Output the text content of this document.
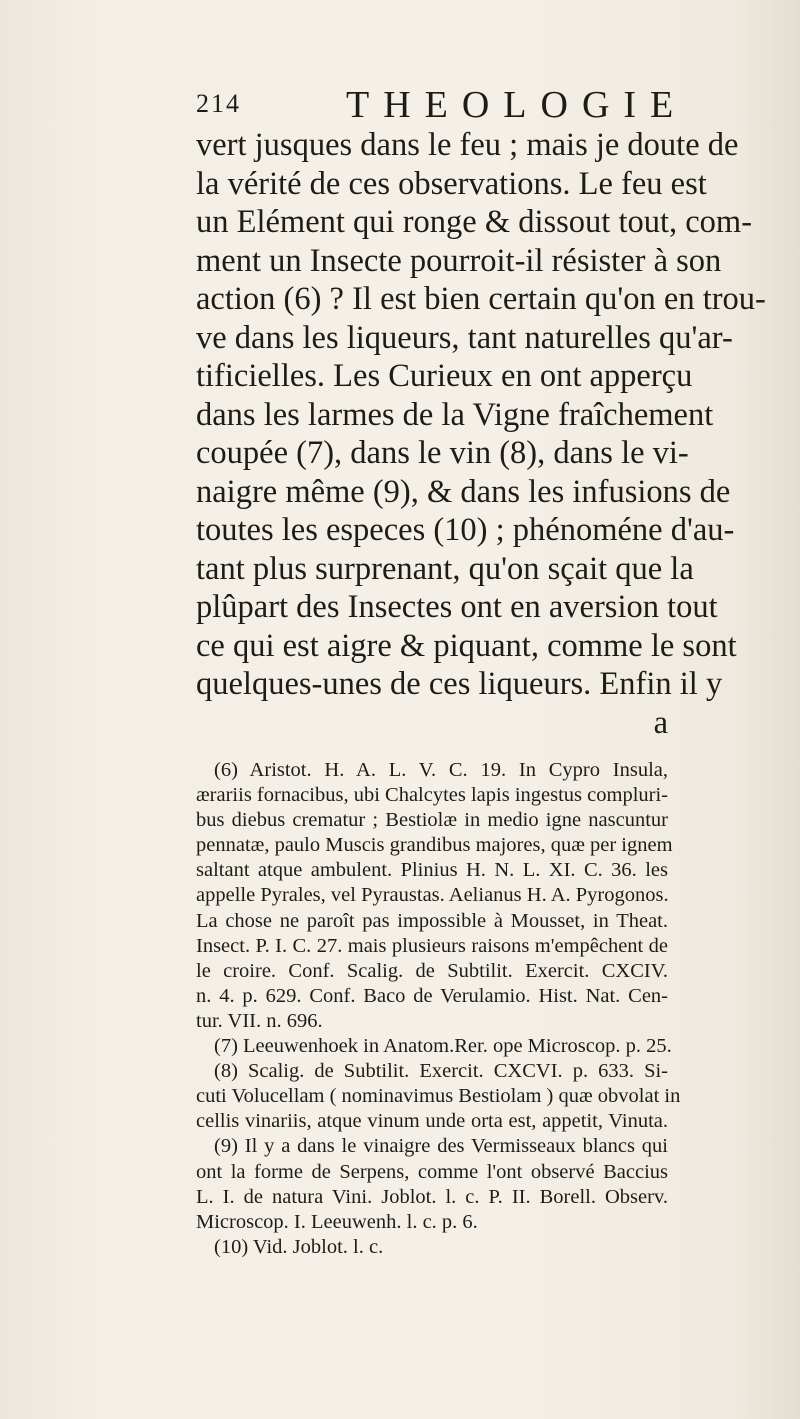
214	THEOLOGIE
vert jusques dans le feu ; mais je doute de
la vérité de ces observations. Le feu est
un Elément qui ronge & dissout tout, com-
ment un Insecte pourroit-il résister à son
action (6) ? Il est bien certain qu'on en trou-
ve dans les liqueurs, tant naturelles qu'ar-
tificielles. Les Curieux en ont apperçu
dans les larmes de la Vigne fraîchement
coupée (7), dans le vin (8), dans le vi-
naigre même (9), & dans les infusions de
toutes les especes (10) ; phénoméne d'au-
tant plus surprenant, qu'on sçait que la
plûpart des Insectes ont en aversion tout
ce qui est aigre & piquant, comme le sont
quelques-unes de ces liqueurs. Enfin il y
a
(6) Aristot. H. A. L. V. C. 19. In Cypro Insula,
ærariis fornacibus, ubi Chalcytes lapis ingestus compluri-
bus diebus crematur ; Bestiolæ in medio igne nascuntur
pennatæ, paulo Muscis grandibus majores, quæ per ignem
saltant atque ambulent. Plinius H. N. L. XI. C. 36. les
appelle Pyrales, vel Pyraustas. Aelianus H. A. Pyrogonos.
La chose ne paroît pas impossible à Mousset, in Theat.
Insect. P. I. C. 27. mais plusieurs raisons m'empêchent de
le croire. Conf. Scalig. de Subtilit. Exercit. CXCIV.
n. 4. p. 629. Conf. Baco de Verulamio. Hist. Nat. Cen-
tur. VII. n. 696.
(7) Leeuwenhoek in Anatom.Rer. ope Microscop. p. 25.
(8) Scalig. de Subtilit. Exercit. CXCVI. p. 633. Si-
cuti Volucellam ( nominavimus Bestiolam ) quæ obvolat in
cellis vinariis, atque vinum unde orta est, appetit, Vinuta.
(9) Il y a dans le vinaigre des Vermisseaux blancs qui
ont la forme de Serpens, comme l'ont observé Baccius
L. I. de natura Vini. Joblot. l. c. P. II. Borell. Observ.
Microscop. I. Leeuwenh. l. c. p. 6.
(10) Vid. Joblot. l. c.
